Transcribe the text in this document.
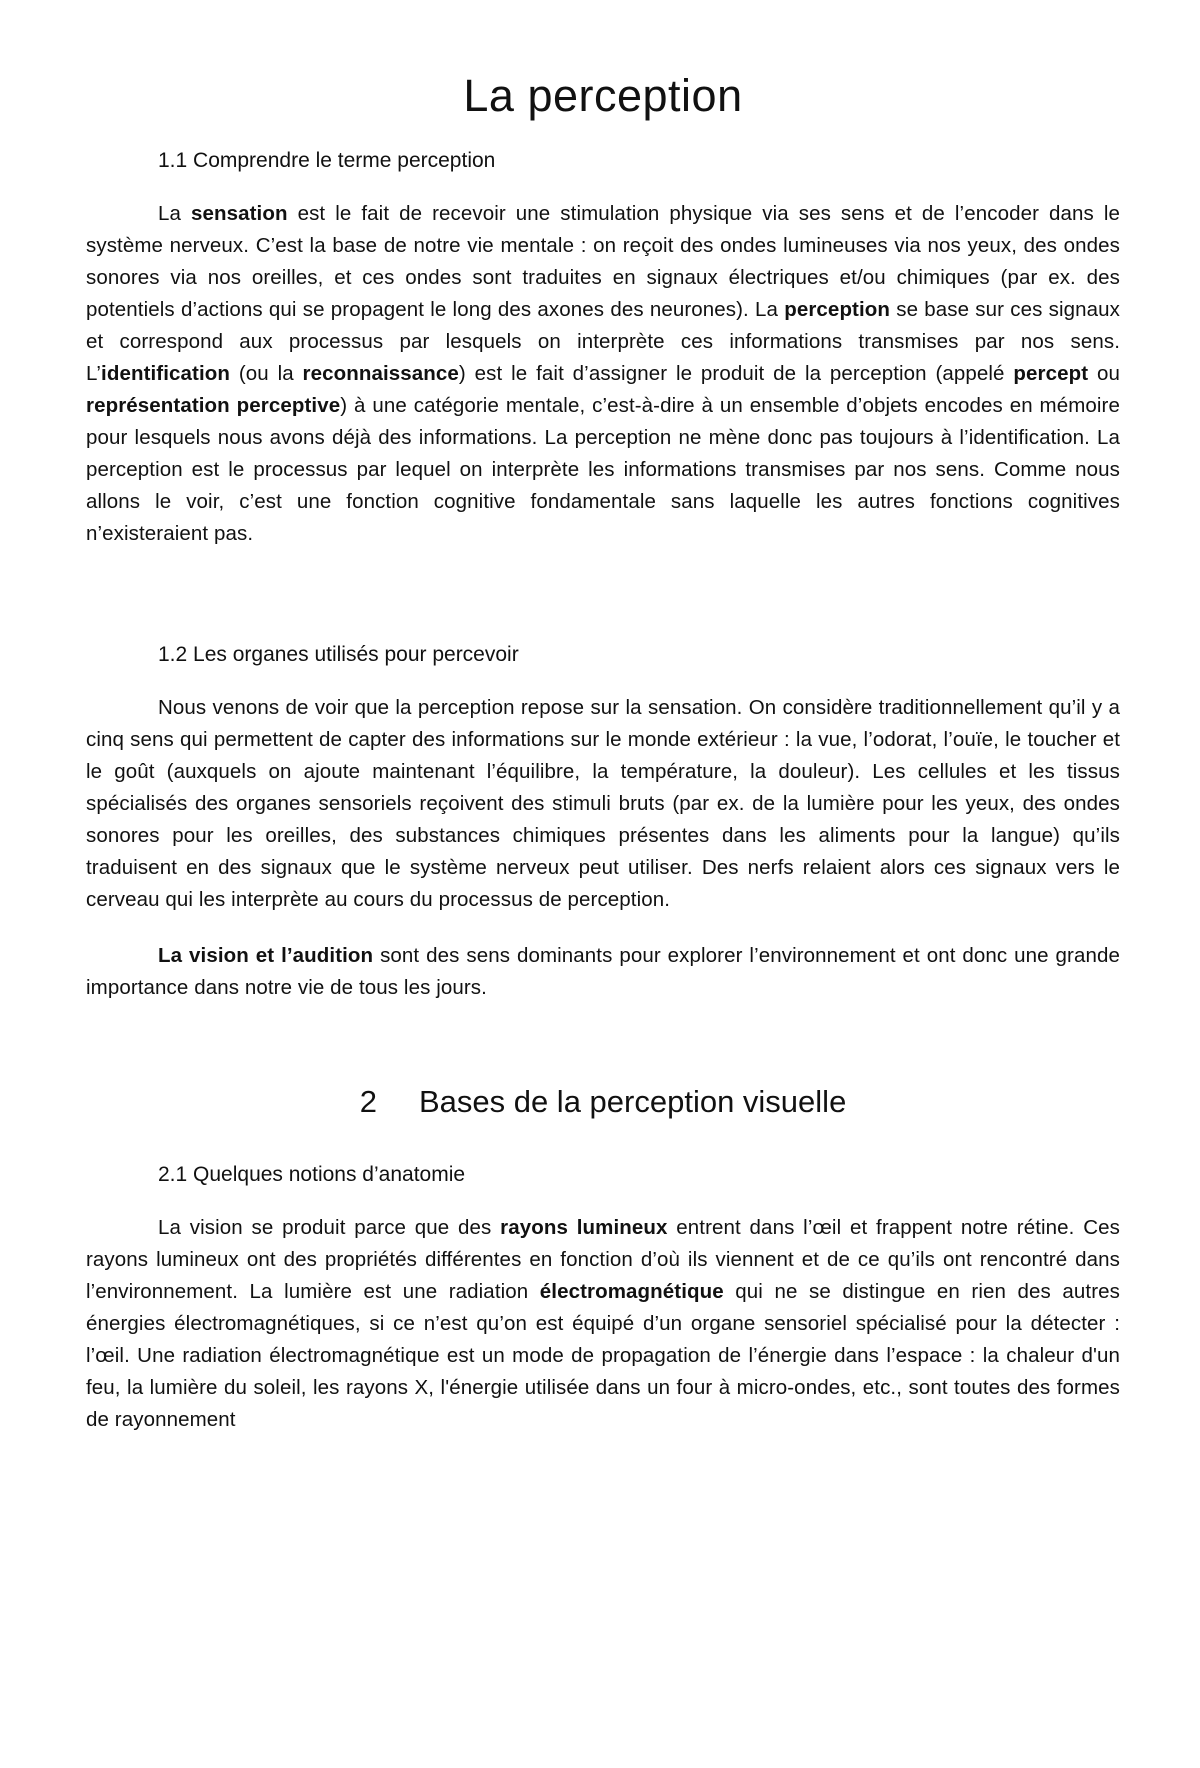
La perception
1.1 Comprendre le terme perception

La sensation est le fait de recevoir une stimulation physique via ses sens et de l’encoder dans le système nerveux. C’est la base de notre vie mentale : on reçoit des ondes lumineuses via nos yeux, des ondes sonores via nos oreilles, et ces ondes sont traduites en signaux électriques et/ou chimiques (par ex. des potentiels d’actions qui se propagent le long des axones des neurones). La perception se base sur ces signaux et correspond aux processus par lesquels on interprète ces informations transmises par nos sens. L’identification (ou la reconnaissance) est le fait d’assigner le produit de la perception (appelé percept ou représentation perceptive) à une catégorie mentale, c’est-à-dire à un ensemble d’objets encodes en mémoire pour lesquels nous avons déjà des informations. La perception ne mène donc pas toujours à l’identification. La perception est le processus par lequel on interprète les informations transmises par nos sens. Comme nous allons le voir, c’est une fonction cognitive fondamentale sans laquelle les autres fonctions cognitives n’existeraient pas.

1.2 Les organes utilisés pour percevoir

Nous venons de voir que la perception repose sur la sensation. On considère traditionnellement qu’il y a cinq sens qui permettent de capter des informations sur le monde extérieur : la vue, l’odorat, l’ouïe, le toucher et le goût (auxquels on ajoute maintenant l’équilibre, la température, la douleur). Les cellules et les tissus spécialisés des organes sensoriels reçoivent des stimuli bruts (par ex. de la lumière pour les yeux, des ondes sonores pour les oreilles, des substances chimiques présentes dans les aliments pour la langue) qu’ils traduisent en des signaux que le système nerveux peut utiliser. Des nerfs relaient alors ces signaux vers le cerveau qui les interprète au cours du processus de perception.

La vision et l’audition sont des sens dominants pour explorer l’environnement et ont donc une grande importance dans notre vie de tous les jours.

2 Bases de la perception visuelle
2.1 Quelques notions d’anatomie

La vision se produit parce que des rayons lumineux entrent dans l’œil et frappent notre rétine. Ces rayons lumineux ont des propriétés différentes en fonction d’où ils viennent et de ce qu’ils ont rencontré dans l’environnement. La lumière est une radiation électromagnétique qui ne se distingue en rien des autres énergies électromagnétiques, si ce n’est qu’on est équipé d’un organe sensoriel spécialisé pour la détecter : l’œil. Une radiation électromagnétique est un mode de propagation de l’énergie dans l’espace : la chaleur d'un feu, la lumière du soleil, les rayons X, l'énergie utilisée dans un four à micro-ondes, etc., sont toutes des formes de rayonnement
